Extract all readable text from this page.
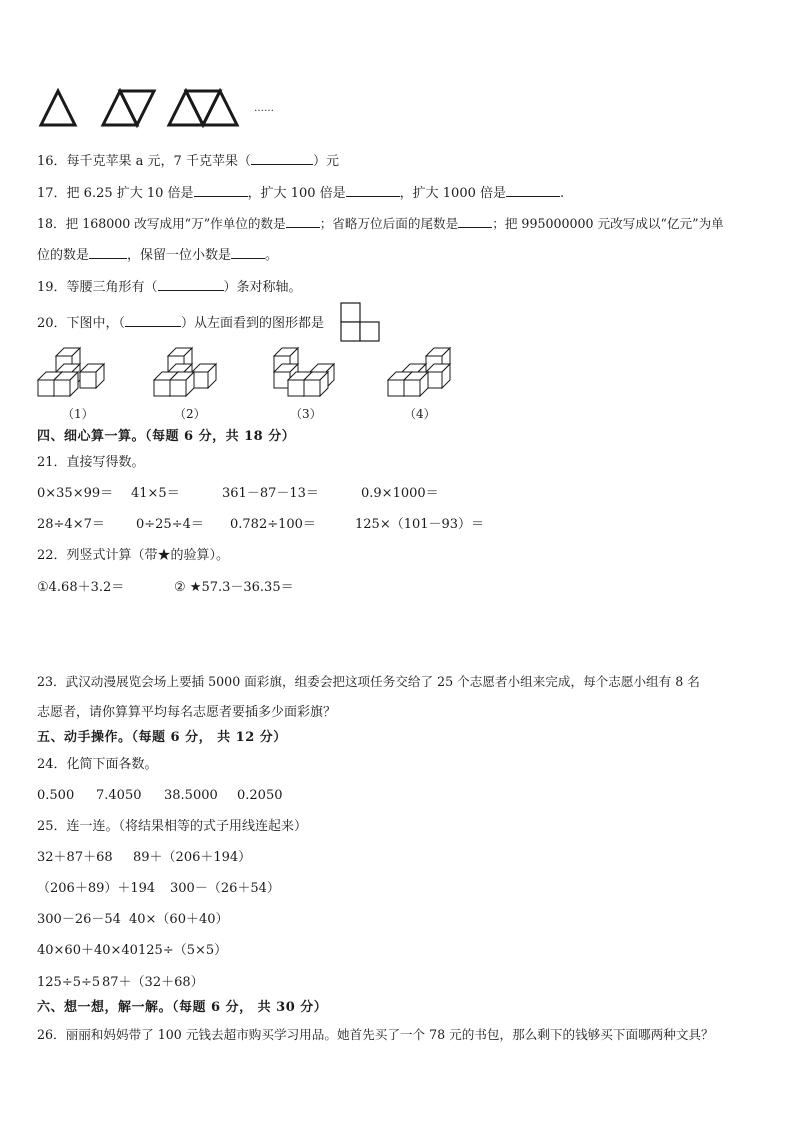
……
16．每千克苹果 a 元，7 千克苹果（	）元
17．把 6.25 扩大 10 倍是	，扩大 100 倍是	，扩大 1000 倍是	.
18．把 168000 改写成用“万”作单位的数是	；省略万位后面的尾数是	；把 995000000 元改写成以“亿元”为单
位的数是	，保留一位小数是	。
19．等腰三角形有（	）条对称轴。
20．下图中，（	）从左面看到的图形都是
（1）	（2）	（3）	（4）
四、细心算一算。（每题 6 分，共 18 分）
21．直接写得数。
0×35×99＝ 41×5＝	361－87－13＝	0.9×1000＝
28÷4×7＝ 0÷25÷4＝ 0.782÷100＝	125×（101－93）＝
22．列竖式计算（带★的验算）。
①4.68＋3.2＝	② ★57.3－36.35＝
23．武汉动漫展览会场上要插 5000 面彩旗，组委会把这项任务交给了 25 个志愿者小组来完成，每个志愿小组有 8 名
志愿者，请你算算平均每名志愿者要插多少面彩旗？
五、动手操作。（每题 6 分， 共 12 分）
24．化简下面各数。
0.500 7.4050 38.5000 0.2050
25．连一连。（将结果相等的式子用线连起来）
32＋87＋68 89＋（206＋194）
（206＋89）＋194 300－（26＋54）
300－26－54 40×（60＋40）
40×60＋40×40 125÷（5×5）
125÷5÷5 87＋（32＋68）
六、想一想，解一解。（每题 6 分， 共 30 分）
26．丽丽和妈妈带了 100 元钱去超市购买学习用品。她首先买了一个 78 元的书包，那么剩下的钱够买下面哪两种文具？
